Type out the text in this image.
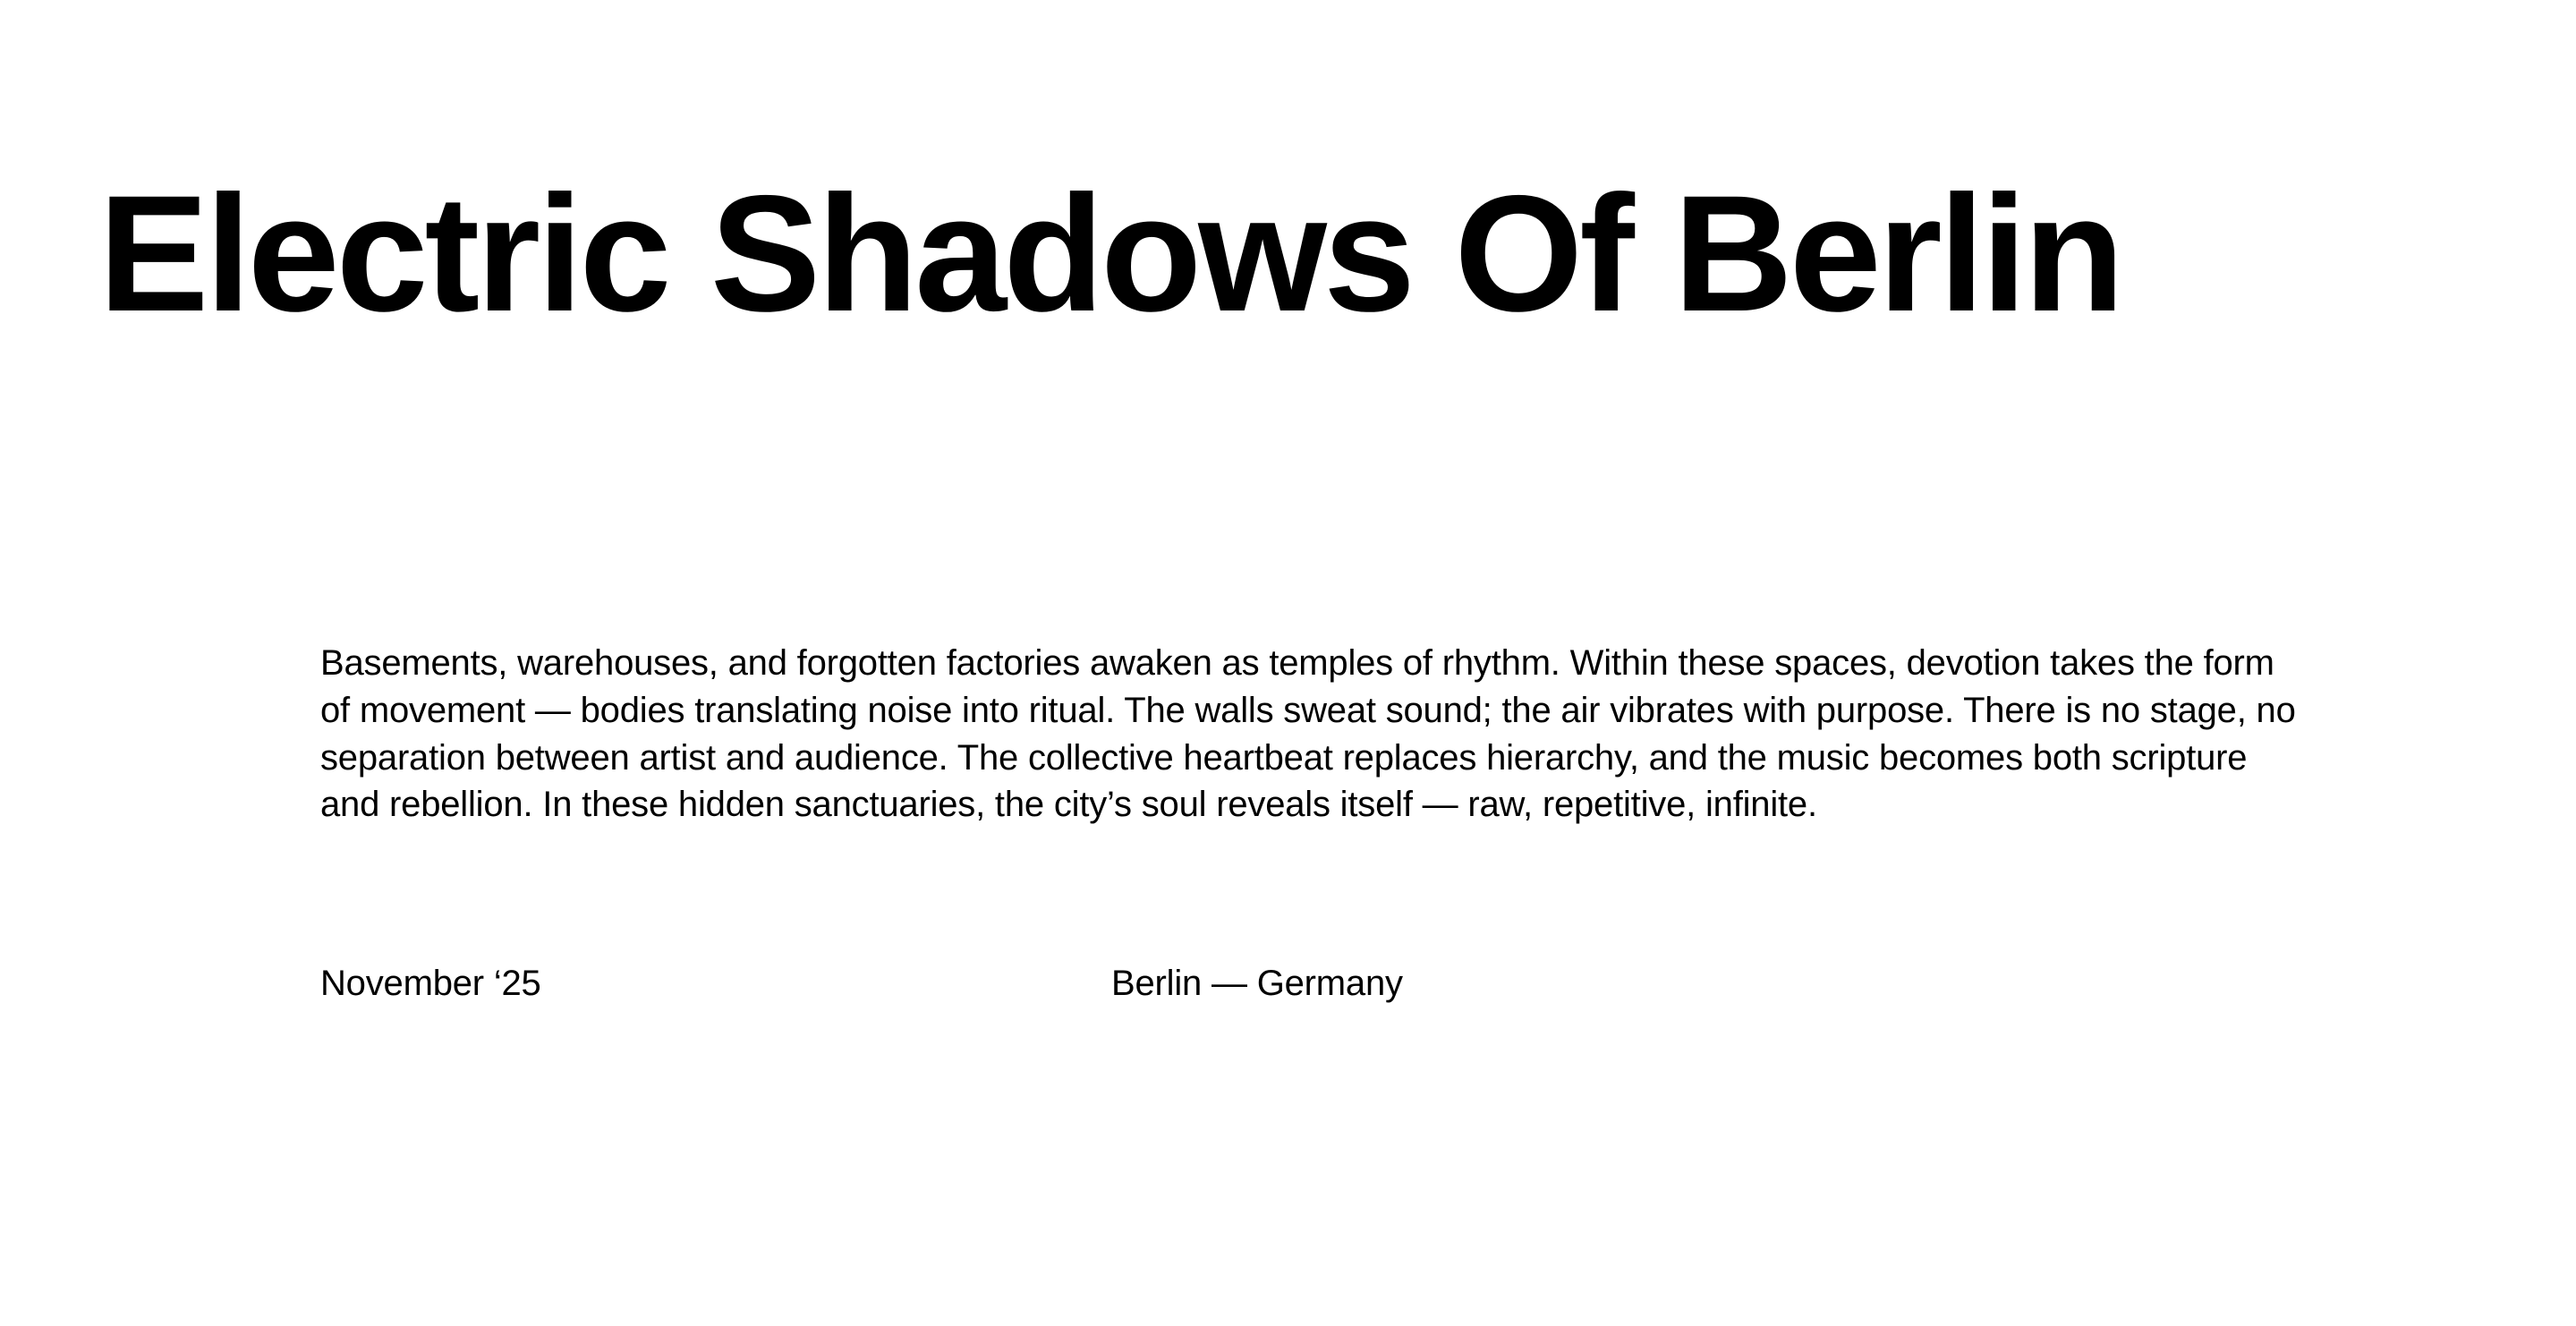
Electric Shadows Of Berlin

Basements, warehouses, and forgotten factories awaken as temples of rhythm. Within these spaces, devotion takes the form of movement — bodies translating noise into ritual. The walls sweat sound; the air vibrates with purpose. There is no stage, no separation between artist and audience. The collective heartbeat replaces hierarchy, and the music becomes both scripture and rebellion. In these hidden sanctuaries, the city’s soul reveals itself — raw, repetitive, infinite.

November ‘25	Berlin — Germany
